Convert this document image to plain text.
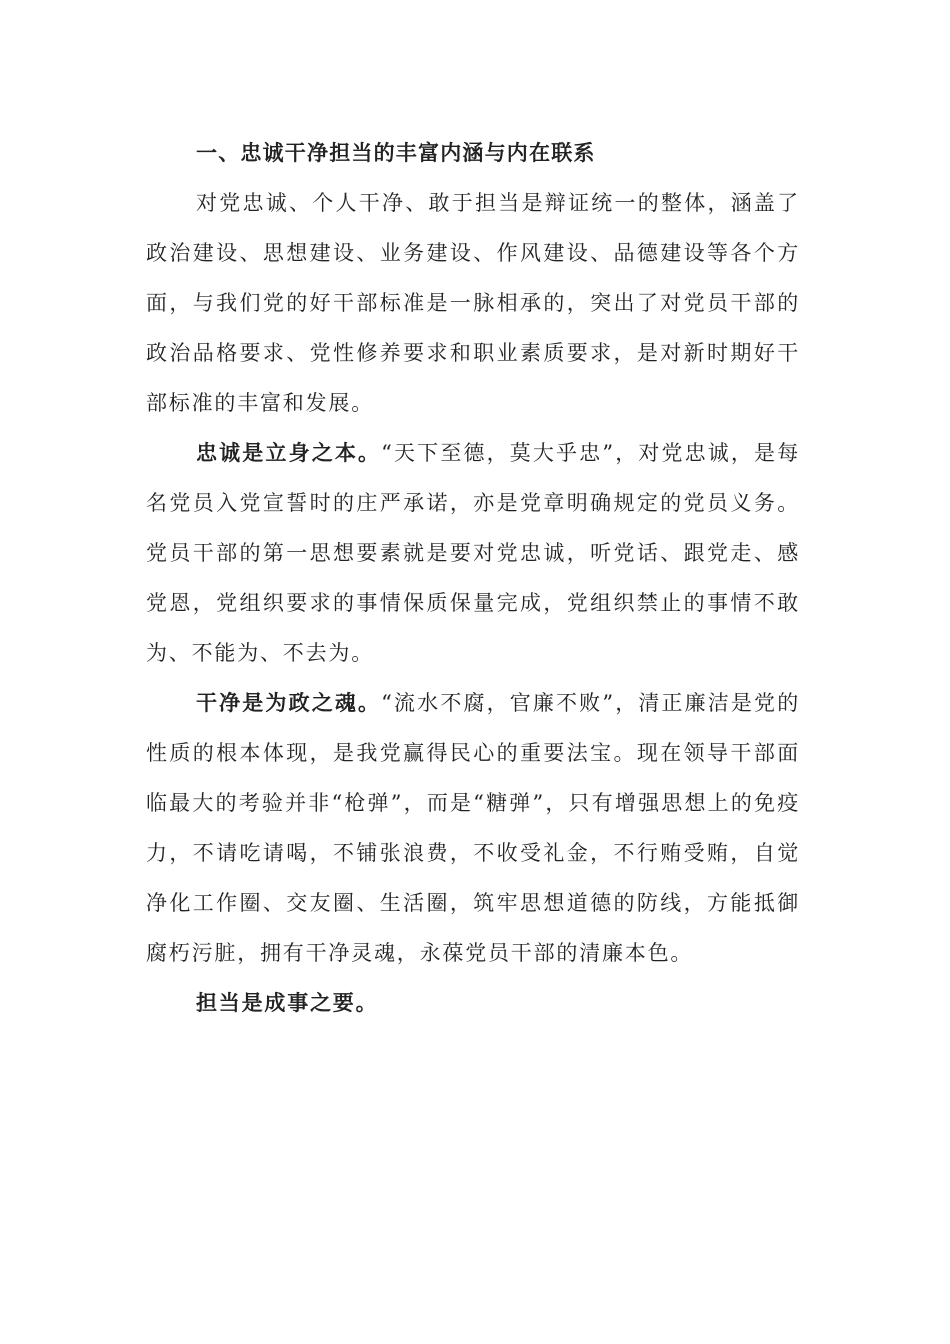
一、忠诚干净担当的丰富内涵与内在联系

对党忠诚、个人干净、敢于担当是辩证统一的整体，涵盖了政治建设、思想建设、业务建设、作风建设、品德建设等各个方面，与我们党的好干部标准是一脉相承的，突出了对党员干部的政治品格要求、党性修养要求和职业素质要求，是对新时期好干部标准的丰富和发展。

忠诚是立身之本。“天下至德，莫大乎忠”，对党忠诚，是每名党员入党宣誓时的庄严承诺，亦是党章明确规定的党员义务。党员干部的第一思想要素就是要对党忠诚，听党话、跟党走、感党恩，党组织要求的事情保质保量完成，党组织禁止的事情不敢为、不能为、不去为。

干净是为政之魂。“流水不腐，官廉不败”，清正廉洁是党的性质的根本体现，是我党赢得民心的重要法宝。现在领导干部面临最大的考验并非“枪弹”，而是“糖弹”，只有增强思想上的免疫力，不请吃请喝，不铺张浪费，不收受礼金，不行贿受贿，自觉净化工作圈、交友圈、生活圈，筑牢思想道德的防线，方能抵御腐朽污脏，拥有干净灵魂，永葆党员干部的清廉本色。

担当是成事之要。
